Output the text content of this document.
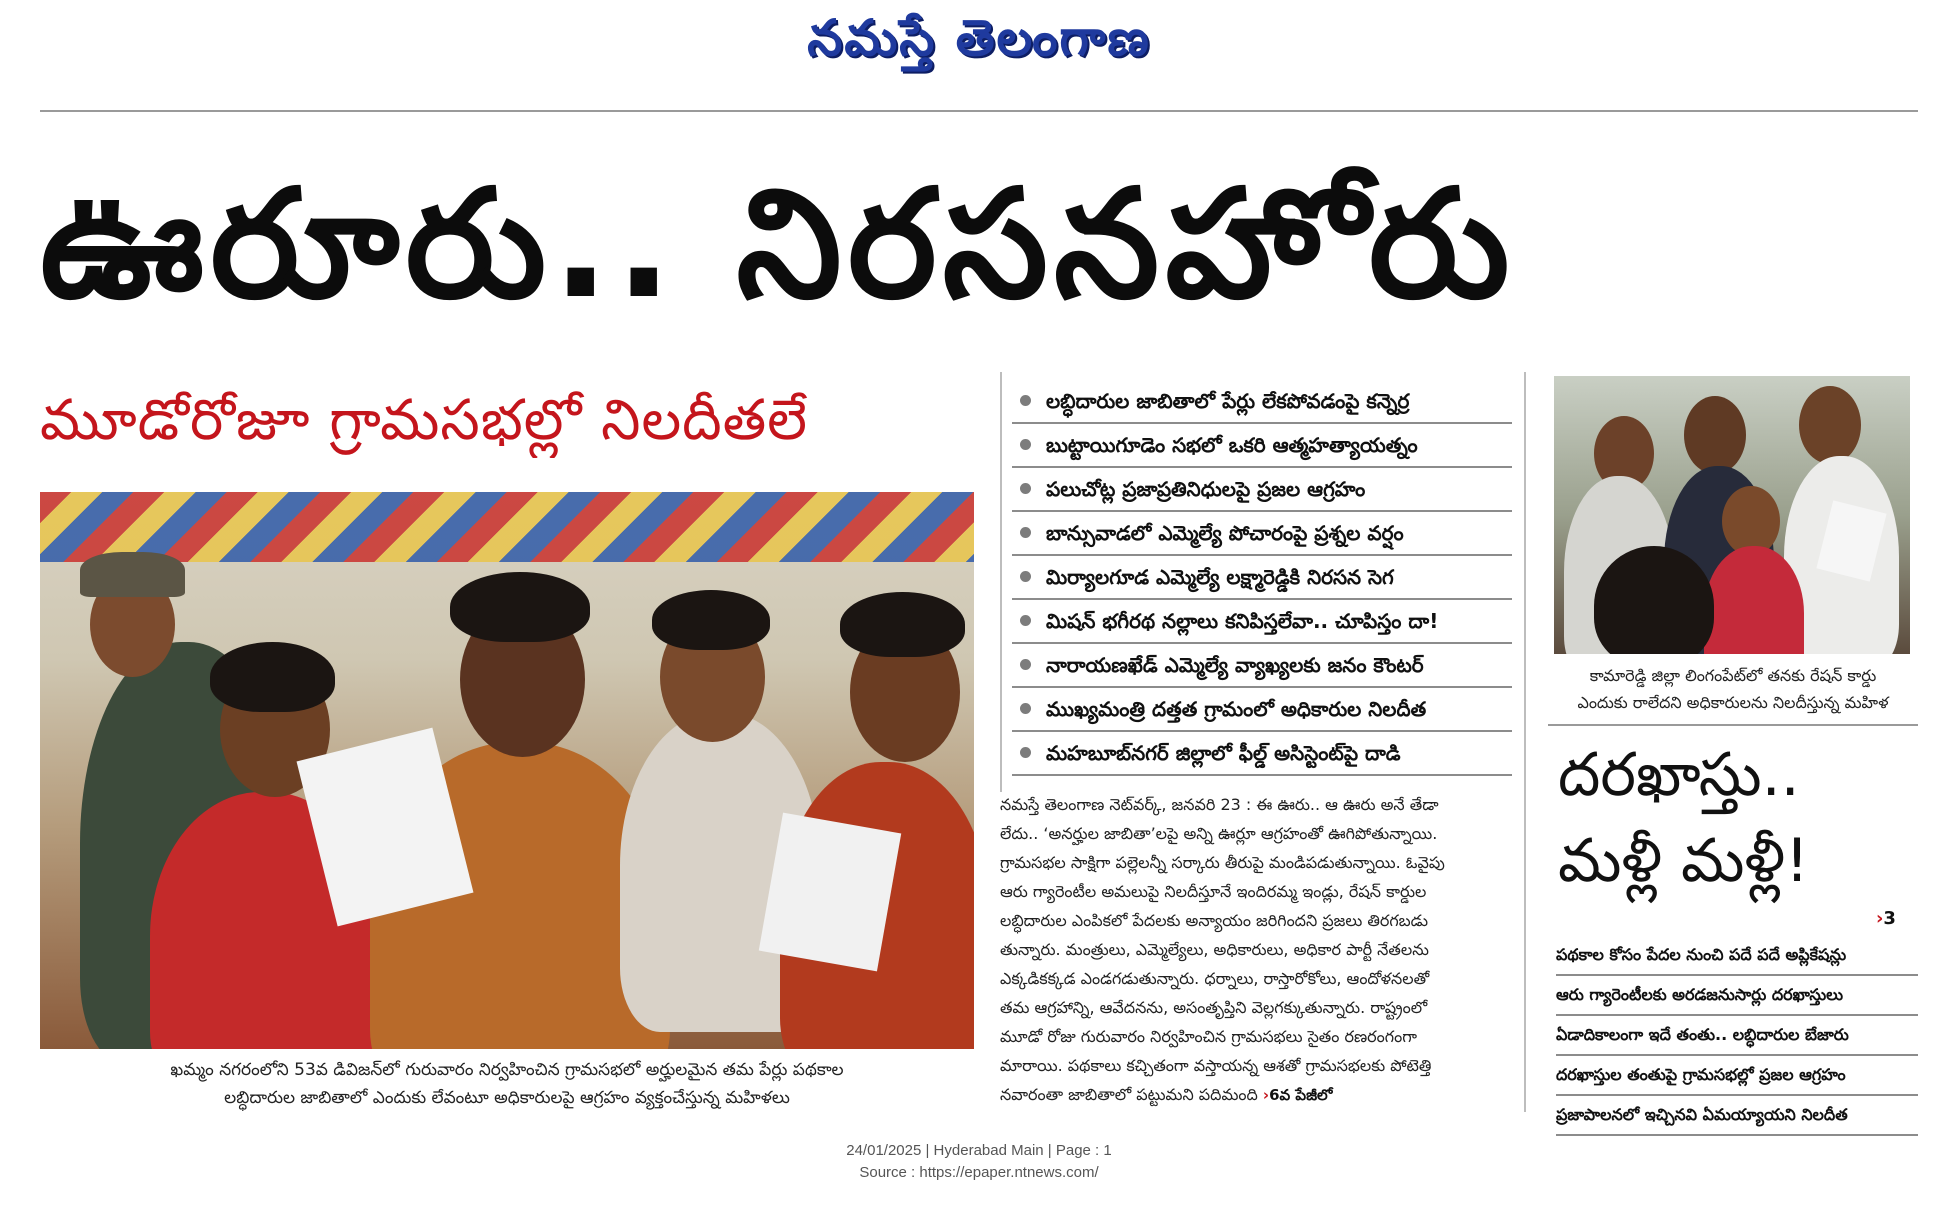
నమస్తే తెలంగాణ
ఊరూరు.. నిరసనహోరు
మూడోరోజూ గ్రామసభల్లో నిలదీతలే
ఖమ్మం నగరంలోని 53వ డివిజన్‌లో గురువారం నిర్వహించిన గ్రామసభలో అర్హులమైన తమ పేర్లు పథకాల
లబ్ధిదారుల జాబితాలో ఎందుకు లేవంటూ అధికారులపై ఆగ్రహం వ్యక్తంచేస్తున్న మహిళలు
లబ్ధిదారుల జాబితాలో పేర్లు లేకపోవడంపై కన్నెర్ర
బుట్టాయిగూడెం సభలో ఒకరి ఆత్మహత్యాయత్నం
పలుచోట్ల ప్రజాప్రతినిధులపై ప్రజల ఆగ్రహం
బాన్సువాడలో ఎమ్మెల్యే పోచారంపై ప్రశ్నల వర్షం
మిర్యాలగూడ ఎమ్మెల్యే లక్ష్మారెడ్డికి నిరసన సెగ
మిషన్‌ భగీరథ నల్లాలు కనిపిస్తలేవా.. చూపిస్తం దా!
నారాయణఖేడ్‌ ఎమ్మెల్యే వ్యాఖ్యలకు జనం కౌంటర్‌
ముఖ్యమంత్రి దత్తత గ్రామంలో అధికారుల నిలదీత
మహబూబ్‌నగర్‌ జిల్లాలో ఫీల్డ్‌ అసిస్టెంట్‌పై దాడి

నమస్తే తెలంగాణ నెట్‌వర్క్‌, జనవరి 23 : ఈ ఊరు.. ఆ ఊరు అనే తేడా

లేదు.. ‘అనర్హుల జాబితా’లపై అన్ని ఊర్లూ ఆగ్రహంతో ఊగిపోతున్నాయి.

గ్రామసభల సాక్షిగా పల్లెలన్నీ సర్కారు తీరుపై మండిపడుతున్నాయి. ఓవైపు

ఆరు గ్యారెంటీల అమలుపై నిలదీస్తూనే ఇందిరమ్మ ఇండ్లు, రేషన్‌ కార్డుల

లబ్ధిదారుల ఎంపికలో పేదలకు అన్యాయం జరిగిందని ప్రజలు తిరగబడు

తున్నారు. మంత్రులు, ఎమ్మెల్యేలు, అధికారులు, అధికార పార్టీ నేతలను

ఎక్కడికక్కడ ఎండగడుతున్నారు. ధర్నాలు, రాస్తారోకోలు, ఆందోళనలతో

తమ ఆగ్రహాన్ని, ఆవేదనను, అసంతృప్తిని వెల్లగక్కుతున్నారు. రాష్ట్రంలో

మూడో రోజు గురువారం నిర్వహించిన గ్రామసభలు సైతం రణరంగంగా

మారాయి. పథకాలు కచ్చితంగా వస్తాయన్న ఆశతో గ్రామసభలకు పోటెత్తి

నవారంతా జాబితాలో పట్టుమని పదిమంది ›6వ పేజీలో

కామారెడ్డి జిల్లా లింగంపేట్‌లో తనకు రేషన్‌ కార్డు
ఎందుకు రాలేదని అధికారులను నిలదీస్తున్న మహిళ
దరఖాస్తు..
మళ్లీ మళ్లీ!
›3
పథకాల కోసం పేదల నుంచి పదే పదే అప్లికేషన్లు
ఆరు గ్యారెంటీలకు అరడజనుసార్లు దరఖాస్తులు
ఏడాదికాలంగా ఇదే తంతు.. లబ్ధిదారుల బేజారు
దరఖాస్తుల తంతుపై గ్రామసభల్లో ప్రజల ఆగ్రహం
ప్రజాపాలనలో ఇచ్చినవి ఏమయ్యాయని నిలదీత
24/01/2025 | Hyderabad Main | Page : 1
Source : https://epaper.ntnews.com/
